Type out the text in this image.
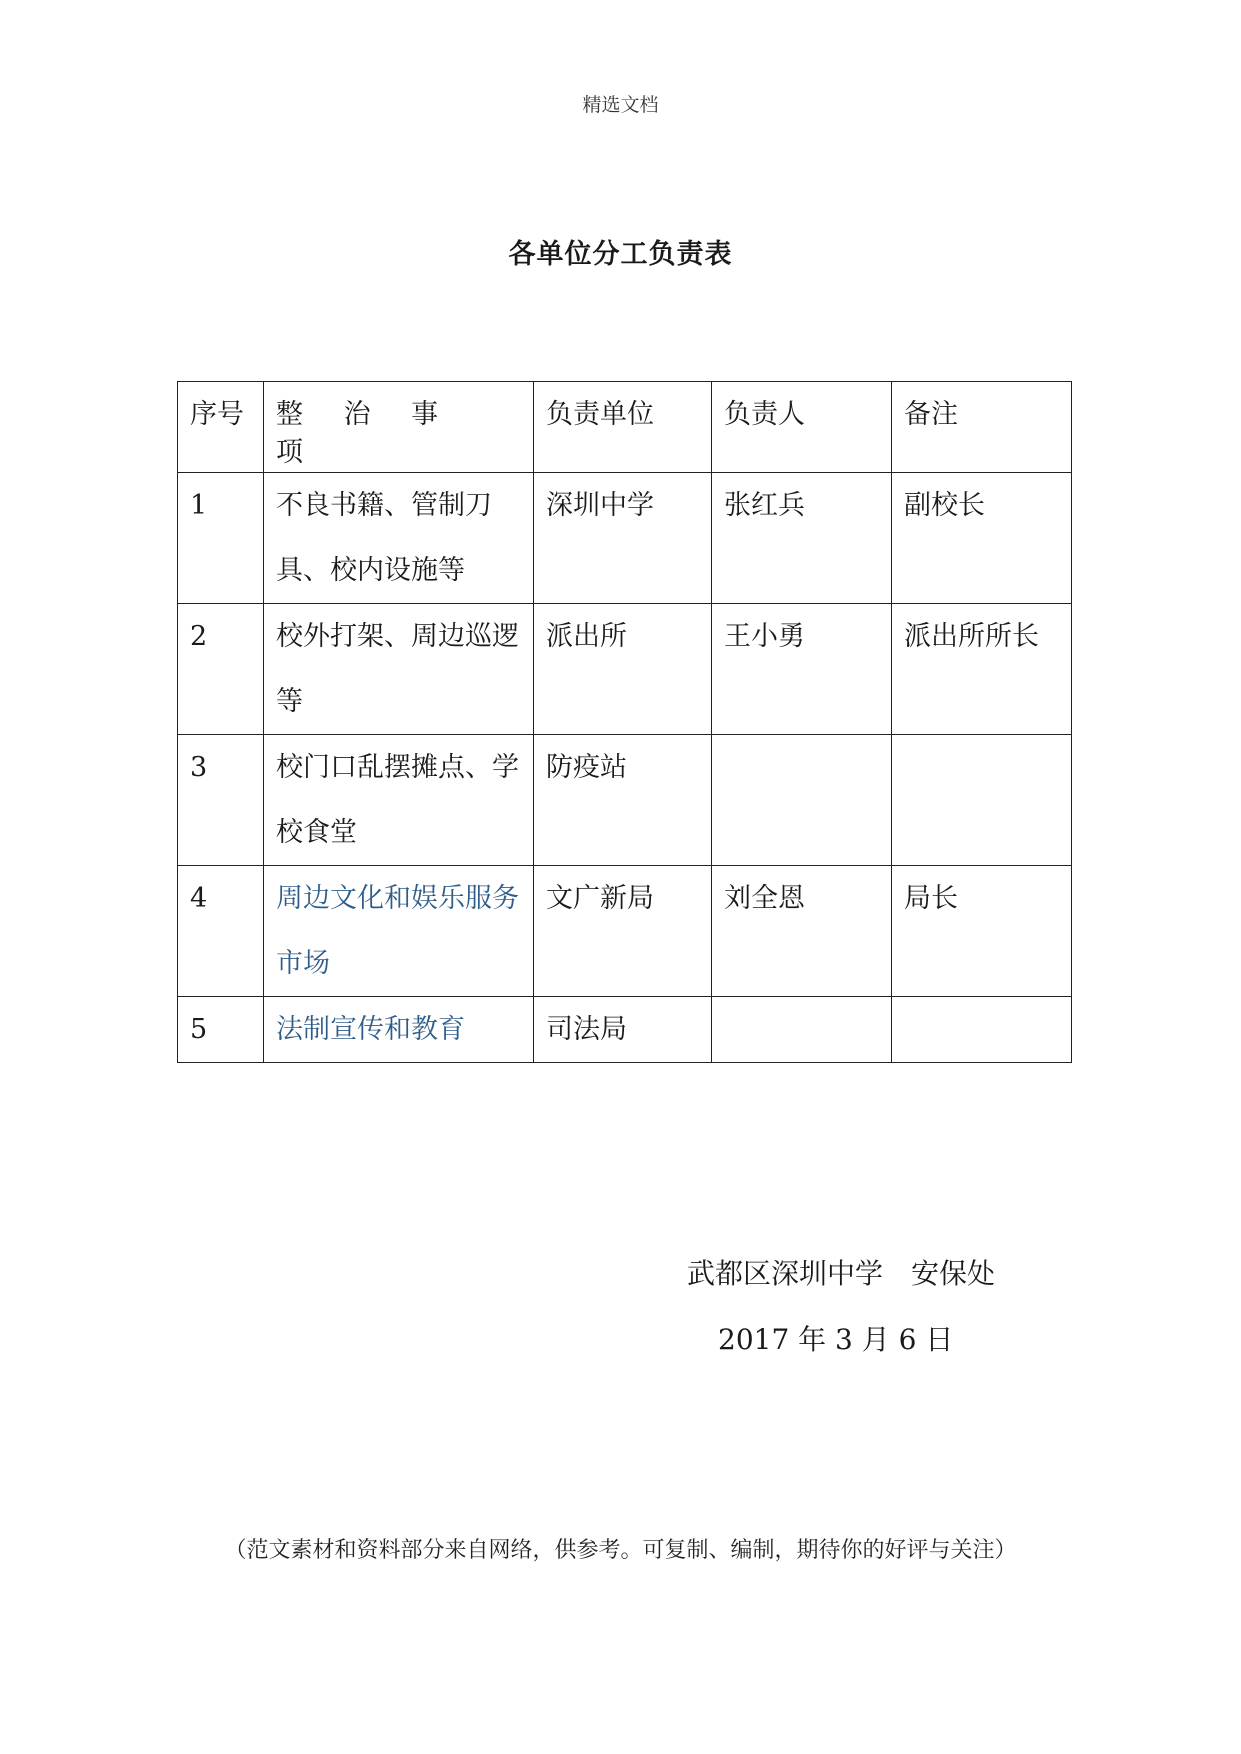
精选文档
各单位分工负责表
序号	整 治 事 项	负责单位	负责人	备注
1	不良书籍、管制刀具、校内设施等	深圳中学	张红兵	副校长
2	校外打架、周边巡逻等	派出所	王小勇	派出所所长
3	校门口乱摆摊点、学校食堂	防疫站		
4	周边文化和娱乐服务市场	文广新局	刘全恩	局长
5	法制宣传和教育	司法局		
武都区深圳中学　安保处
2017 年 3 月 6 日
（范文素材和资料部分来自网络，供参考。可复制、编制，期待你的好评与关注）
